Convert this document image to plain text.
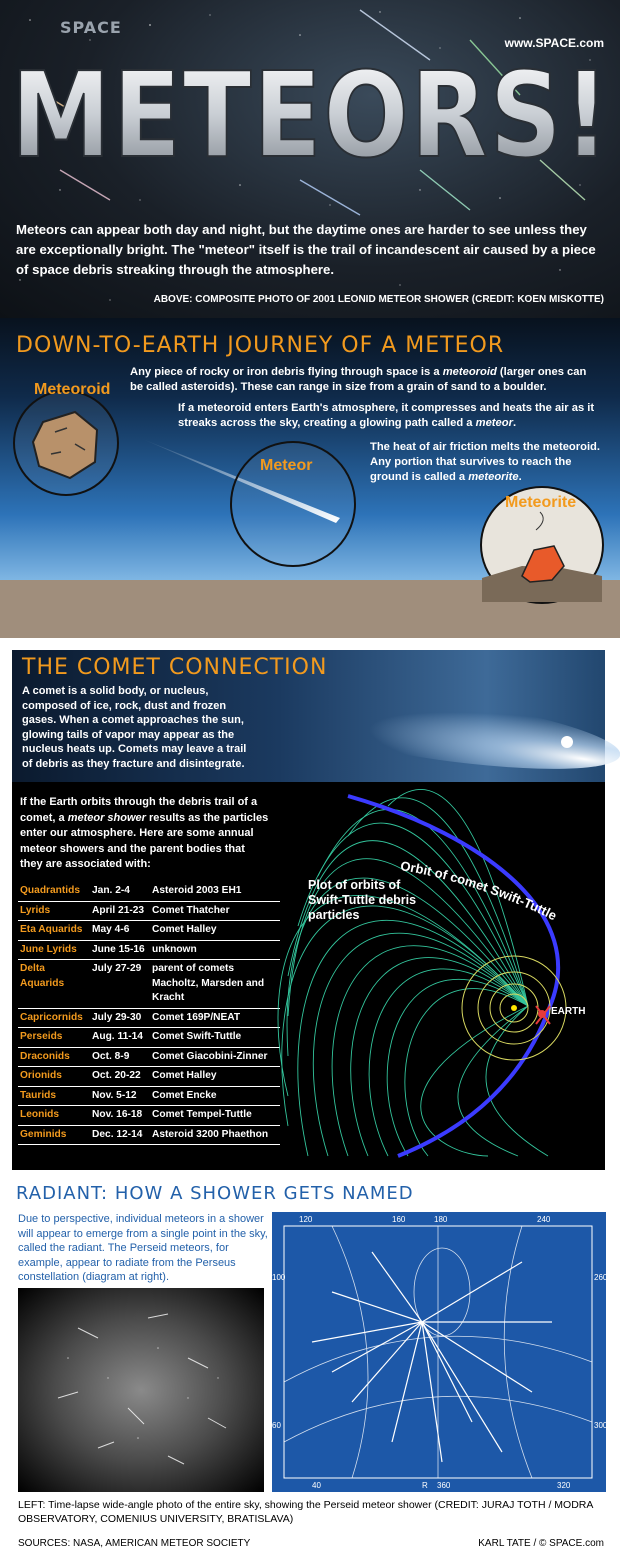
SPACE
www.SPACE.com
METEORS!
Meteors can appear both day and night, but the daytime ones are harder to see unless they are exceptionally bright. The "meteor" itself is the trail of incandescent air caused by a piece of space debris streaking through the atmosphere.
ABOVE: COMPOSITE PHOTO OF 2001 LEONID METEOR SHOWER (CREDIT: KOEN MISKOTTE)
DOWN-TO-EARTH JOURNEY OF A METEOR
Any piece of rocky or iron debris flying through space is a meteoroid (larger ones can be called asteroids). These can range in size from a grain of sand to a boulder.
If a meteoroid enters Earth's atmosphere, it compresses and heats the air as it streaks across the sky, creating a glowing path called a meteor.
The heat of air friction melts the meteoroid. Any portion that survives to reach the ground is called a meteorite.
Meteoroid
Meteor
Meteorite
THE COMET CONNECTION
A comet is a solid body, or nucleus, composed of ice, rock, dust and frozen gases. When a comet approaches the sun, glowing tails of vapor may appear as the nucleus heats up. Comets may leave a trail of debris as they fracture and disintegrate.
If the Earth orbits through the debris trail of a comet, a meteor shower results as the particles enter our atmosphere. Here are some annual meteor showers and the parent bodies that they are associated with:
Quadrantids	Jan. 2-4	Asteroid 2003 EH1
Lyrids	April 21-23	Comet Thatcher
Eta Aquarids	May 4-6	Comet Halley
June Lyrids	June 15-16	unknown
Delta Aquarids	July 27-29	parent of comets Macholtz, Marsden and Kracht
Capricornids	July 29-30	Comet 169P/NEAT
Perseids	Aug. 11-14	Comet Swift-Tuttle
Draconids	Oct. 8-9	Comet Giacobini-Zinner
Orionids	Oct. 20-22	Comet Halley
Taurids	Nov. 5-12	Comet Encke
Leonids	Nov. 16-18	Comet Tempel-Tuttle
Geminids	Dec. 12-14	Asteroid 3200 Phaethon
Plot of orbits of Swift-Tuttle debris particles
Orbit of comet Swift-Tuttle
EARTH
RADIANT: HOW A SHOWER GETS NAMED
Due to perspective, individual meteors in a shower will appear to emerge from a single point in the sky, called the radiant. The Perseid meteors, for example, appear to radiate from the Perseus constellation (diagram at right).
120	160	180	240
100	260
60	300
40	R 360	320
LEFT: Time-lapse wide-angle photo of the entire sky, showing the Perseid meteor shower (CREDIT: JURAJ TOTH / MODRA OBSERVATORY, COMENIUS UNIVERSITY, BRATISLAVA)
SOURCES: NASA, AMERICAN METEOR SOCIETY	KARL TATE / © SPACE.com
